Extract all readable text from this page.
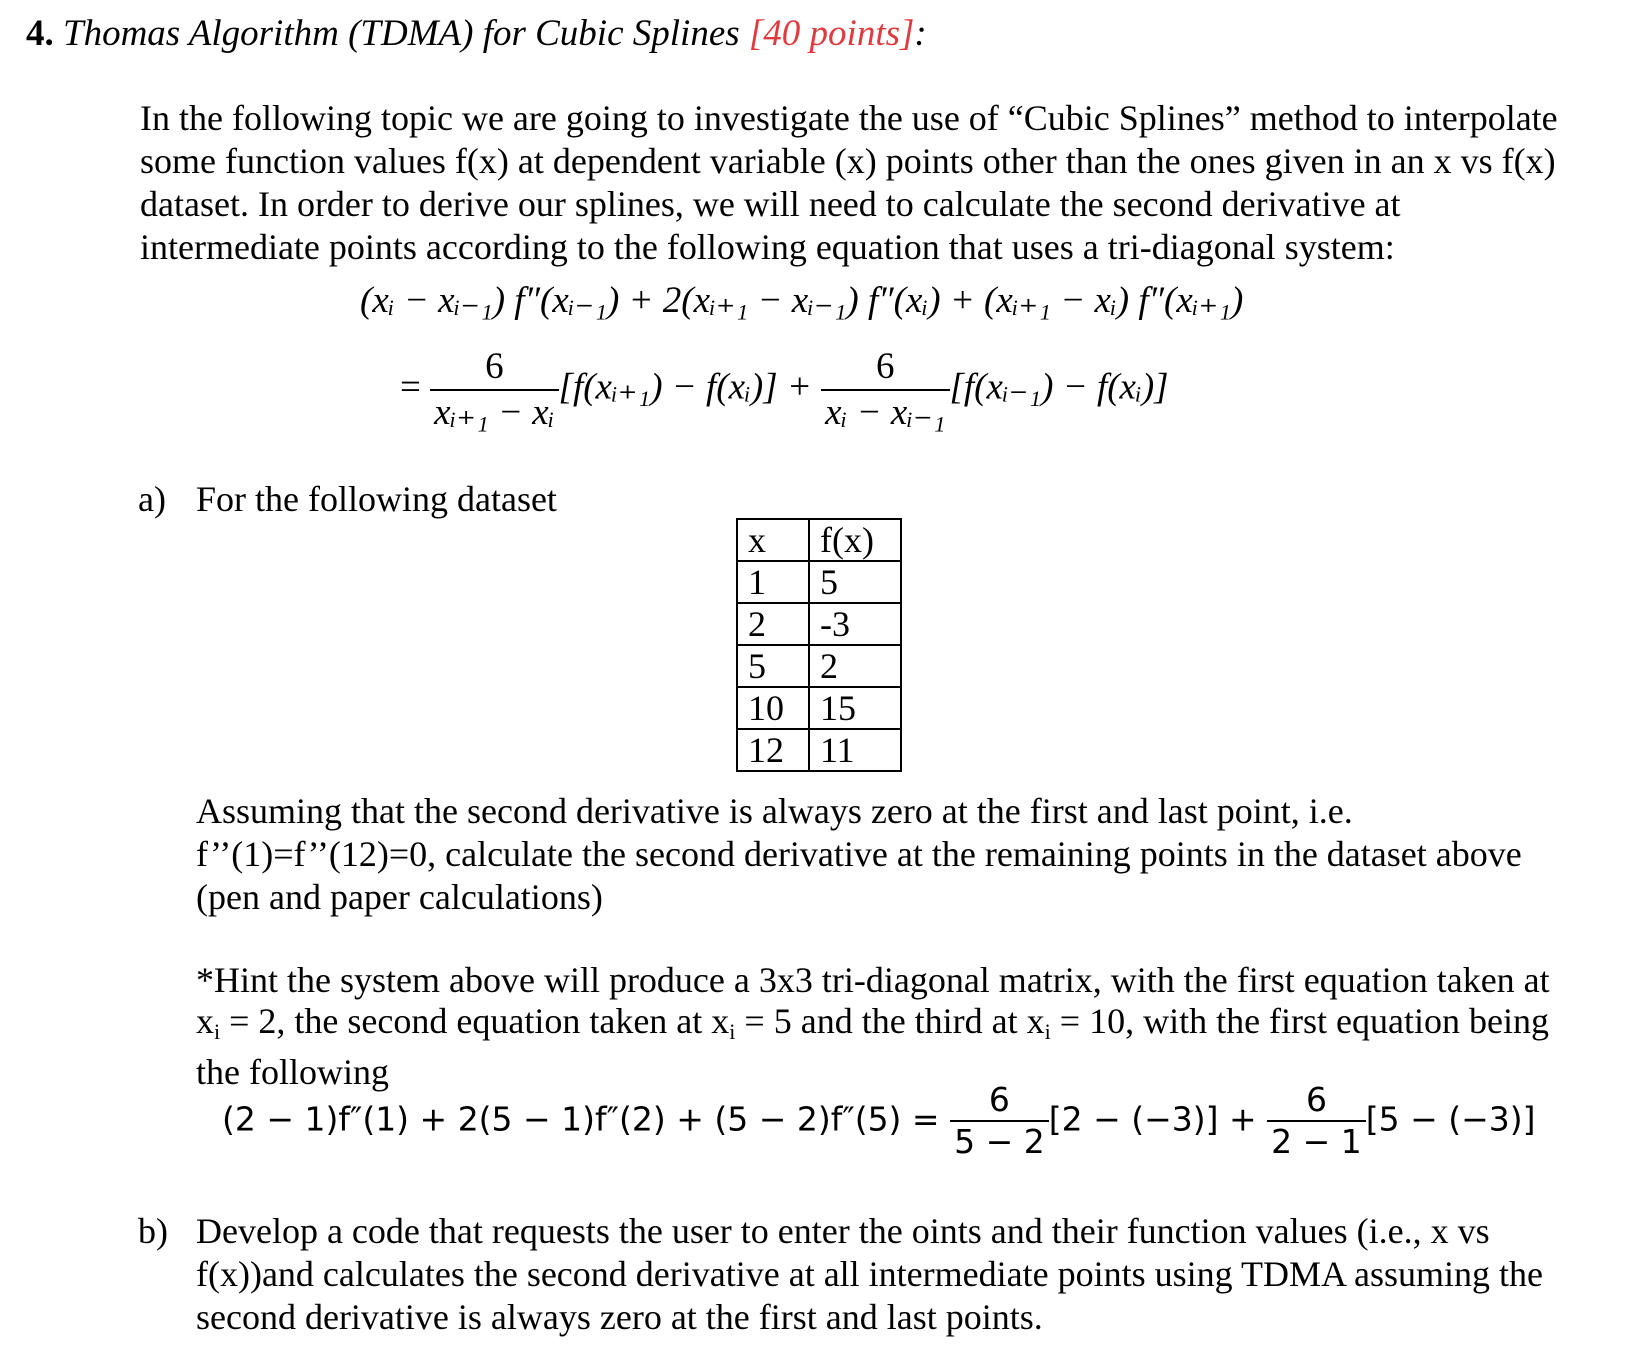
4. Thomas Algorithm (TDMA) for Cubic Splines [40 points]:
In the following topic we are going to investigate the use of “Cubic Splines” method to interpolate
some function values f(x) at dependent variable (x) points other than the ones given in an x vs f(x)
dataset. In order to derive our splines, we will need to calculate the second derivative at
intermediate points according to the following equation that uses a tri-diagonal system:
(xᵢ − xᵢ₋₁) f″(xᵢ₋₁) + 2(xᵢ₊₁ − xᵢ₋₁) f″(xᵢ) + (xᵢ₊₁ − xᵢ) f″(xᵢ₊₁)
= $\frac{6}{\text{xᵢ₊₁ − xᵢ}}$ [f(xᵢ₊₁) − f(xᵢ)] + $\frac{6}{\text{xᵢ − xᵢ₋₁}}$ [f(xᵢ₋₁) − f(xᵢ)]
a) For the following dataset
x	f(x)
1	5
2	-3
5	2
10	15
12	11
Assuming that the second derivative is always zero at the first and last point, i.e.
f’’(1)=f’’(12)=0, calculate the second derivative at the remaining points in the dataset above
(pen and paper calculations)
*Hint the system above will produce a 3x3 tri-diagonal matrix, with the first equation taken at
$x_i = 2$, the second equation taken at $x_i = 5$ and the third at $x_i = 10$, with the first equation being
the following
$(2 - 1)f''(1) + 2(5 - 1)f''(2) + (5 - 2)f''(5) = \frac{6}{5 - 2} [2 - (-3)] + \frac{6}{2 - 1} [5 - (-3)]$
b) Develop a code that requests the user to enter the oints and their function values (i.e., x vs
f(x))and calculates the second derivative at all intermediate points using TDMA assuming the
second derivative is always zero at the first and last points.
